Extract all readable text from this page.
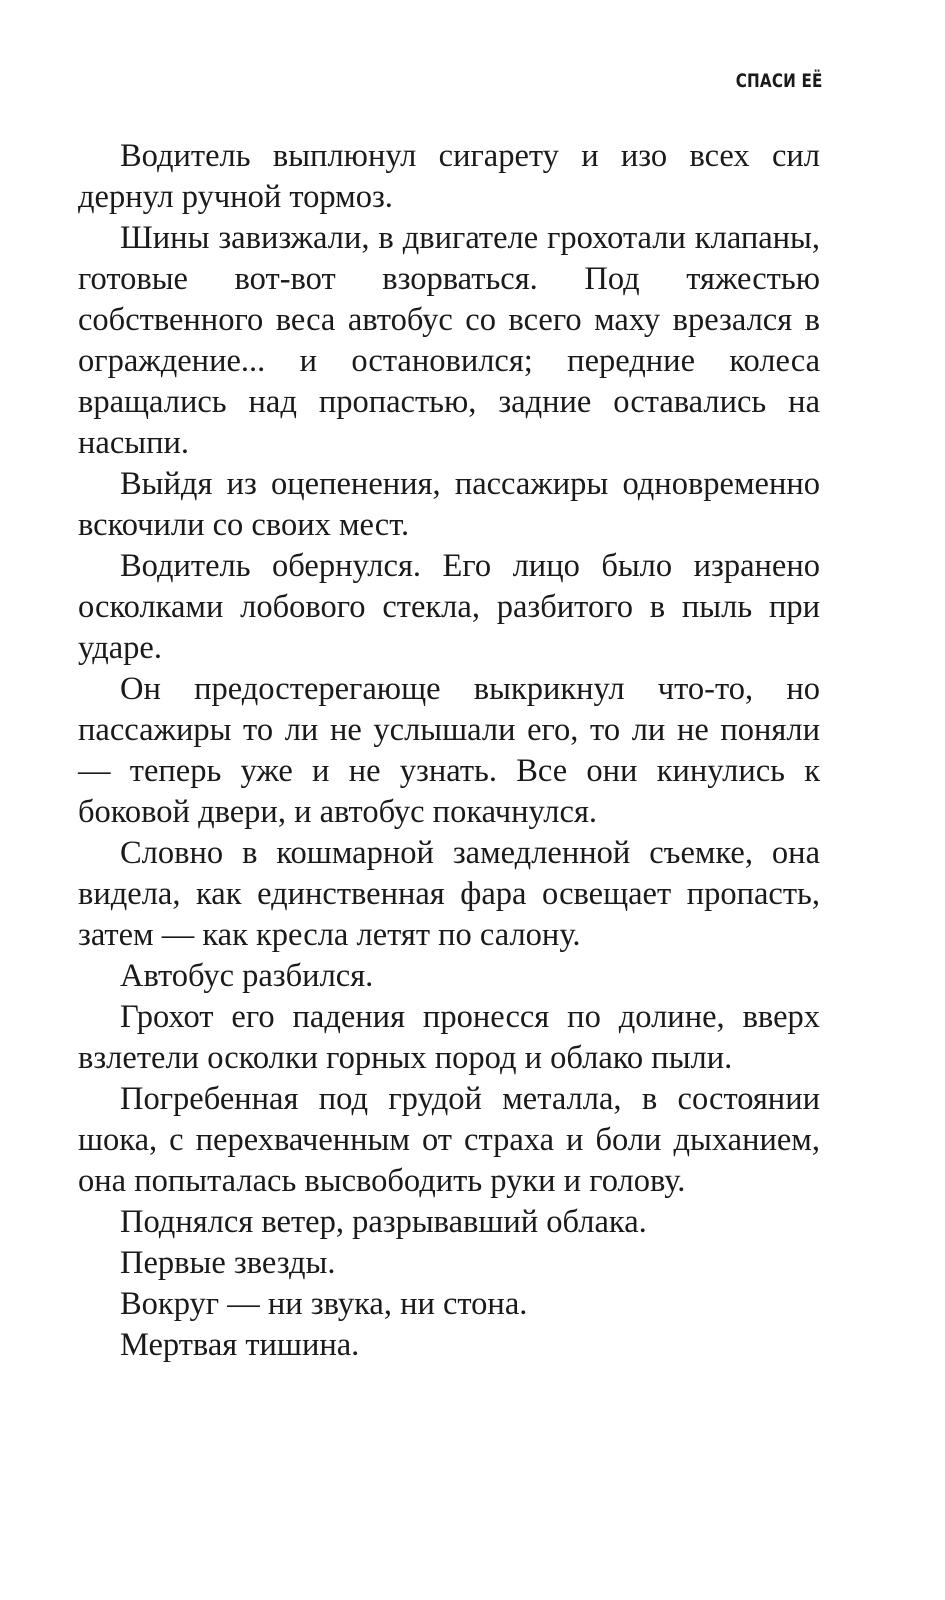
СПАСИ ЕЁ

Водитель выплюнул сигарету и изо всех сил дернул ручной тормоз.

Шины завизжали, в двигателе грохотали клапаны, готовые вот-вот взорваться. Под тяжестью собственного веса автобус со всего маху врезался в ограждение... и остановился; передние колеса вращались над пропастью, задние оставались на насыпи.

Выйдя из оцепенения, пассажиры одновременно вскочили со своих мест.

Водитель обернулся. Его лицо было изранено осколками лобового стекла, разбитого в пыль при ударе.

Он предостерегающе выкрикнул что-то, но пассажиры то ли не услышали его, то ли не поняли — теперь уже и не узнать. Все они кинулись к боковой двери, и автобус покачнулся.

Словно в кошмарной замедленной съемке, она видела, как единственная фара освещает пропасть, затем — как кресла летят по салону.

Автобус разбился.

Грохот его падения пронесся по долине, вверх взлетели осколки горных пород и облако пыли.

Погребенная под грудой металла, в состоянии шока, с перехваченным от страха и боли дыханием, она попыталась высвободить руки и голову.

Поднялся ветер, разрывавший облака.

Первые звезды.

Вокруг — ни звука, ни стона.

Мертвая тишина.
